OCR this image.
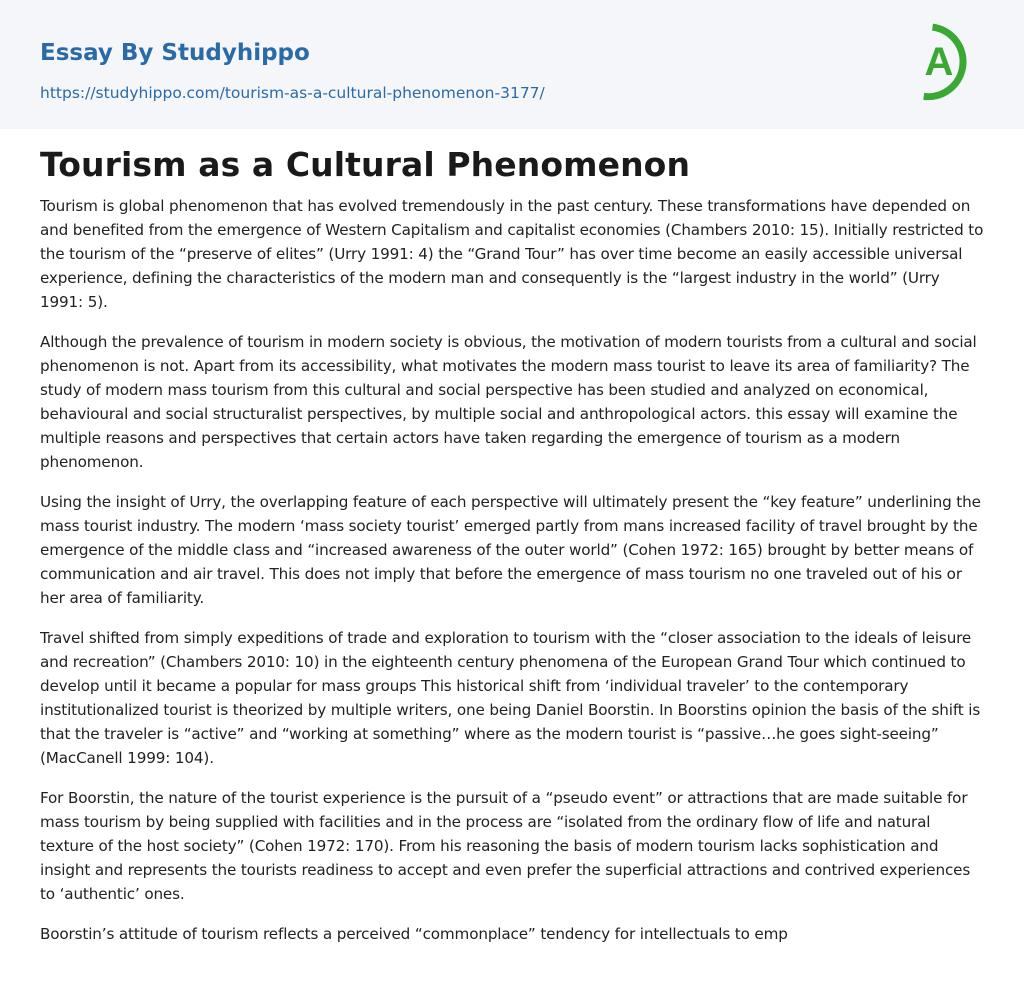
Essay By Studyhippo
https://studyhippo.com/tourism-as-a-cultural-phenomenon-3177/
A
Tourism as a Cultural Phenomenon

Tourism is global phenomenon that has evolved tremendously in the past century. These transformations have depended on and benefited from the emergence of Western Capitalism and capitalist economies (Chambers 2010: 15). Initially restricted to the tourism of the “preserve of elites” (Urry 1991: 4) the “Grand Tour” has over time become an easily accessible universal experience, defining the characteristics of the modern man and consequently is the “largest industry in the world” (Urry 1991: 5).

Although the prevalence of tourism in modern society is obvious, the motivation of modern tourists from a cultural and social phenomenon is not. Apart from its accessibility, what motivates the modern mass tourist to leave its area of familiarity? The study of modern mass tourism from this cultural and social perspective has been studied and analyzed on economical, behavioural and social structuralist perspectives, by multiple social and anthropological actors. this essay will examine the multiple reasons and perspectives that certain actors have taken regarding the emergence of tourism as a modern phenomenon.

Using the insight of Urry, the overlapping feature of each perspective will ultimately present the “key feature” underlining the mass tourist industry. The modern ‘mass society tourist’ emerged partly from mans increased facility of travel brought by the emergence of the middle class and “increased awareness of the outer world” (Cohen 1972: 165) brought by better means of communication and air travel. This does not imply that before the emergence of mass tourism no one traveled out of his or her area of familiarity.

Travel shifted from simply expeditions of trade and exploration to tourism with the “closer association to the ideals of leisure and recreation” (Chambers 2010: 10) in the eighteenth century phenomena of the European Grand Tour which continued to develop until it became a popular for mass groups This historical shift from ‘individual traveler’ to the contemporary institutionalized tourist is theorized by multiple writers, one being Daniel Boorstin. In Boorstins opinion the basis of the shift is that the traveler is “active” and “working at something” where as the modern tourist is “passive…he goes sight-seeing” (MacCanell 1999: 104).

For Boorstin, the nature of the tourist experience is the pursuit of a “pseudo event” or attractions that are made suitable for mass tourism by being supplied with facilities and in the process are “isolated from the ordinary flow of life and natural texture of the host society” (Cohen 1972: 170). From his reasoning the basis of modern tourism lacks sophistication and insight and represents the tourists readiness to accept and even prefer the superficial attractions and contrived experiences to ‘authentic’ ones.

Boorstin’s attitude of tourism reflects a perceived “commonplace” tendency for intellectuals to emp
